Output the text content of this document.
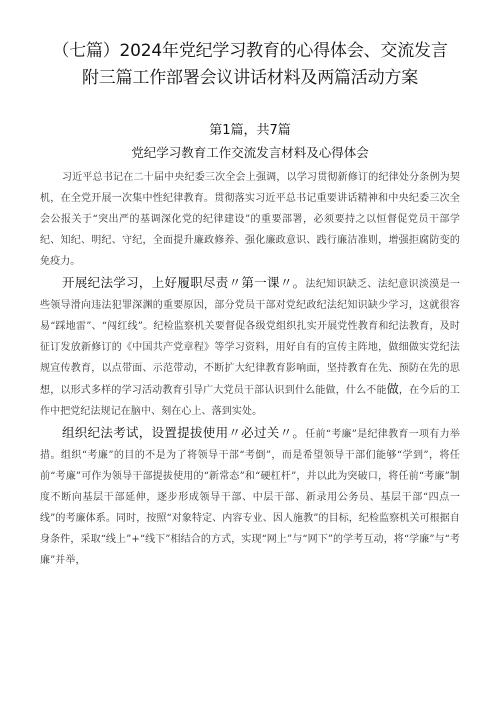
（七篇）2024年党纪学习教育的心得体会、交流发言
附三篇工作部署会议讲话材料及两篇活动方案
第1篇，共7篇
党纪学习教育工作交流发言材料及心得体会

习近平总书记在二十届中央纪委三次全会上强调，以学习贯彻新修订的纪律处分条例为契机，在全党开展一次集中性纪律教育。贯彻落实习近平总书记重要讲话精神和中央纪委三次全会公报关于“突出严的基调深化党的纪律建设”的重要部署，必须要持之以恒督促党员干部学纪、知纪、明纪、守纪，全面提升廉政修养、强化廉政意识、践行廉洁准则，增强拒腐防变的免疫力。

开展纪法学习，上好履职尽责〃第一课〃。法纪知识缺乏、法纪意识淡漠是一些领导滑向违法犯罪深渊的重要原因，部分党员干部对党纪政纪法纪知识缺少学习，这就很容易“踩地雷”、“闯红线”。纪检监察机关要督促各级党组织扎实开展党性教育和纪法教育，及时征订发放新修订的《中国共产党章程》等学习资料，用好自有的宣传主阵地，做细做实党纪法规宣传教育，以点带面、示范带动，不断扩大纪律教育影响面，坚持教育在先、预防在先的思想，以形式多样的学习活动教育引导广大党员干部认识到什么能做，什么不能做，在今后的工作中把党纪法规记在脑中、刻在心上、落到实处。

组织纪法考试，设置提拔使用〃必过关〃。任前“考廉”是纪律教育一项有力举措。组织“考廉”的目的不是为了将领导干部“考倒”，而是希望领导干部们能够“学到”，将任前“考廉”可作为领导干部提拔使用的“新常态”和“硬杠杆”，并以此为突破口，将任前“考廉”制度不断向基层干部延伸，逐步形成领导干部、中层干部、新录用公务员、基层干部“四点一线”的考廉体系。同时，按照“对象特定、内容专业、因人施教”的目标，纪检监察机关可根据自身条件，采取“线上”+“线下”相结合的方式，实现“网上”与“网下”的学考互动，将“学廉”与“考廉”并举，
